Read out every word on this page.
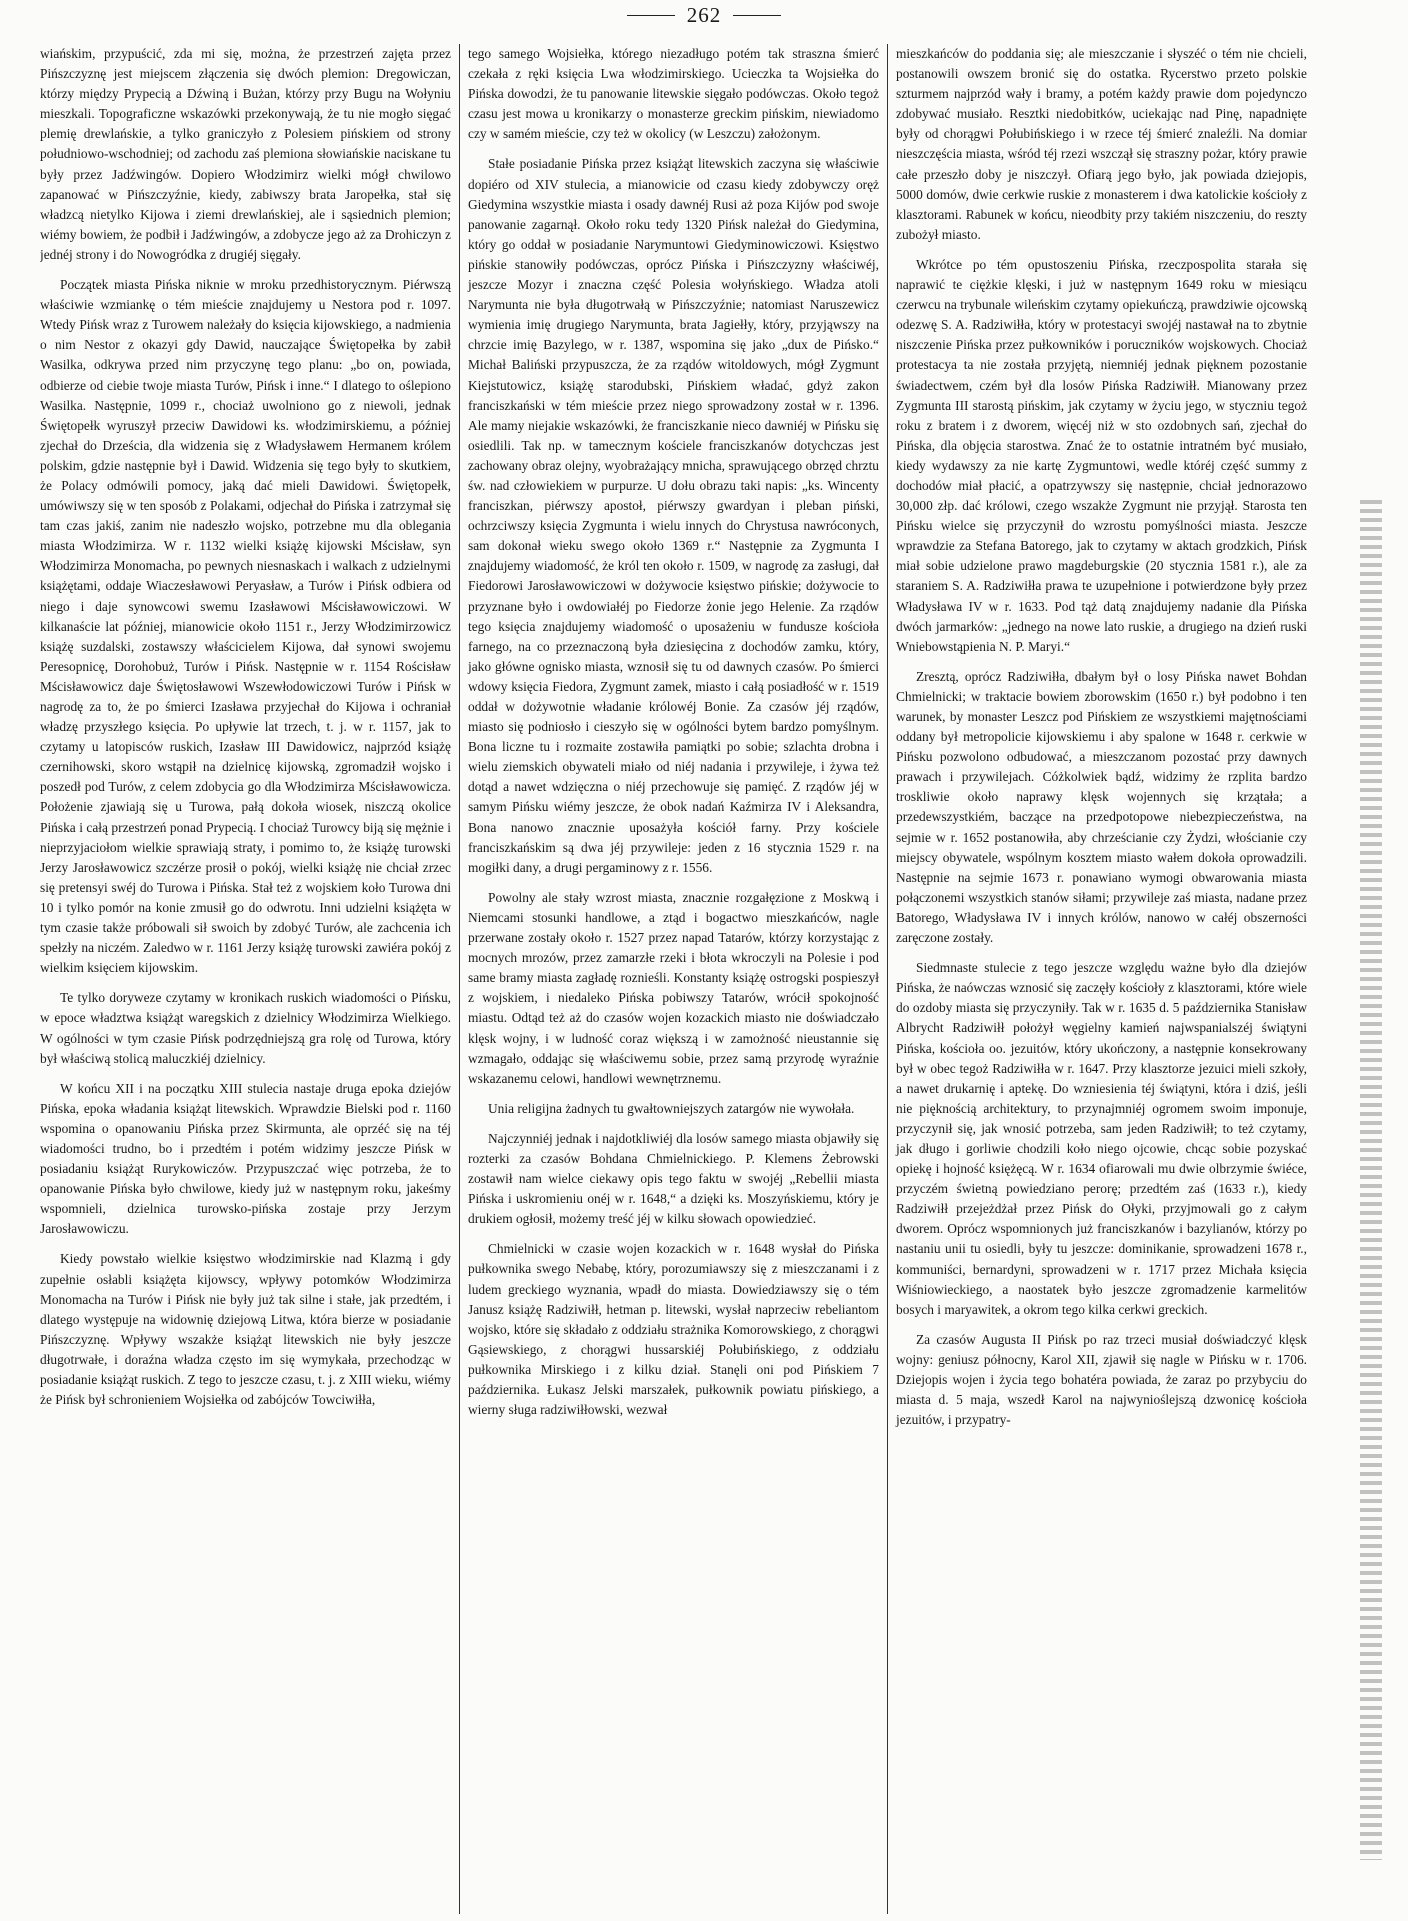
262

wiańskim, przypuścić, zda mi się, można, że przestrzeń zajęta przez Pińszczyznę jest miejscem złączenia się dwóch plemion: Dregowiczan, którzy między Prypecią a Dźwiną i Bużan, którzy przy Bugu na Wołyniu mieszkali. Topograficzne wskazówki przekonywają, że tu nie mogło sięgać plemię drewlańskie, a tylko graniczyło z Polesiem pińskiem od strony południowo-wschodniej; od zachodu zaś plemiona słowiańskie naciskane tu były przez Jadźwingów. Dopiero Włodzimirz wielki mógł chwilowo zapanować w Pińszczyźnie, kiedy, zabiwszy brata Jaropełka, stał się władzcą nietylko Kijowa i ziemi drewlańskiej, ale i sąsiednich plemion; wiémy bowiem, że podbił i Jadźwingów, a zdobycze jego aż za Drohiczyn z jednéj strony i do Nowogródka z drugiéj sięgały.

Początek miasta Pińska niknie w mroku przedhistorycznym. Piérwszą właściwie wzmiankę o tém mieście znajdujemy u Nestora pod r. 1097. Wtedy Pińsk wraz z Turowem należały do księcia kijowskiego, a nadmienia o nim Nestor z okazyi gdy Dawid, nauczające Świętopełka by zabił Wasilka, odkrywa przed nim przyczynę tego planu: „bo on, powiada, odbierze od ciebie twoje miasta Turów, Pińsk i inne.“ I dlatego to oślepiono Wasilka. Następnie, 1099 r., chociaż uwolniono go z niewoli, jednak Świętopełk wyruszył przeciw Dawidowi ks. włodzimirskiemu, a później zjechał do Drześcia, dla widzenia się z Władysławem Hermanem królem polskim, gdzie następnie był i Dawid. Widzenia się tego były to skutkiem, że Polacy odmówili pomocy, jaką dać mieli Dawidowi. Świętopełk, umówiwszy się w ten sposób z Polakami, odjechał do Pińska i zatrzymał się tam czas jakiś, zanim nie nadeszło wojsko, potrzebne mu dla oblegania miasta Włodzimirza. W r. 1132 wielki książę kijowski Mścisław, syn Włodzimirza Monomacha, po pewnych niesnaskach i walkach z udzielnymi książętami, oddaje Wiaczesławowi Peryasław, a Turów i Pińsk odbiera od niego i daje synowcowi swemu Izasławowi Mścisławowiczowi. W kilkanaście lat później, mianowicie około 1151 r., Jerzy Włodzimirzowicz książę suzdalski, zostawszy właścicielem Kijowa, dał synowi swojemu Peresopnicę, Dorohobuż, Turów i Pińsk. Następnie w r. 1154 Rościsław Mścisławowicz daje Świętosławowi Wszewłodowiczowi Turów i Pińsk w nagrodę za to, że po śmierci Izasława przyjechał do Kijowa i ochraniał władzę przyszłego księcia. Po upływie lat trzech, t. j. w r. 1157, jak to czytamy u latopisców ruskich, Izasław III Dawidowicz, najprzód książę czernihowski, skoro wstąpił na dzielnicę kijowską, zgromadził wojsko i poszedł pod Turów, z celem zdobycia go dla Włodzimirza Mścisławowicza. Położenie zjawiają się u Turowa, pałą dokoła wiosek, niszczą okolice Pińska i całą przestrzeń ponad Prypecią. I chociaż Turowcy biją się mężnie i nieprzyjaciołom wielkie sprawiają straty, i pomimo to, że książę turowski Jerzy Jarosławowicz szczérze prosił o pokój, wielki książę nie chciał zrzec się pretensyi swéj do Turowa i Pińska. Stał też z wojskiem koło Turowa dni 10 i tylko pomór na konie zmusił go do odwrotu. Inni udzielni książęta w tym czasie także próbowali sił swoich by zdobyć Turów, ale zachcenia ich spełzły na niczém. Zaledwo w r. 1161 Jerzy książę turowski zawiéra pokój z wielkim księciem kijowskim.

Te tylko doryweze czytamy w kronikach ruskich wiadomości o Pińsku, w epoce władztwa książąt waregskich z dzielnicy Włodzimirza Wielkiego. W ogólności w tym czasie Pińsk podrzędniejszą gra rolę od Turowa, który był właściwą stolicą maluczkiéj dzielnicy.

W końcu XII i na początku XIII stulecia nastaje druga epoka dziejów Pińska, epoka władania książąt litewskich. Wprawdzie Bielski pod r. 1160 wspomina o opanowaniu Pińska przez Skirmunta, ale oprzéć się na téj wiadomości trudno, bo i przedtém i potém widzimy jeszcze Pińsk w posiadaniu książąt Rurykowiczów. Przypuszczać więc potrzeba, że to opanowanie Pińska było chwilowe, kiedy już w następnym roku, jakeśmy wspomnieli, dzielnica turowsko-pińska zostaje przy Jerzym Jarosławowiczu.

Kiedy powstało wielkie księstwo włodzimirskie nad Klazmą i gdy zupełnie osłabli książęta kijowscy, wpływy potomków Włodzimirza Monomacha na Turów i Pińsk nie były już tak silne i stałe, jak przedtém, i dlatego występuje na widownię dziejową Litwa, która bierze w posiadanie Pińszczyznę. Wpływy wszakże książąt litewskich nie były jeszcze długotrwałe, i doraźna władza często im się wymykała, przechodząc w posiadanie książąt ruskich. Z tego to jeszcze czasu, t. j. z XIII wieku, wiémy że Pińsk był schronieniem Wojsiełka od zabójców Towciwiłła,

tego samego Wojsiełka, którego niezadługo potém tak straszna śmierć czekała z ręki księcia Lwa włodzimirskiego. Ucieczka ta Wojsiełka do Pińska dowodzi, że tu panowanie litewskie sięgało podówczas. Około tegoż czasu jest mowa u kronikarzy o monasterze greckim pińskim, niewiadomo czy w samém mieście, czy też w okolicy (w Leszczu) założonym.

Stałe posiadanie Pińska przez książąt litewskich zaczyna się właściwie dopiéro od XIV stulecia, a mianowicie od czasu kiedy zdobywczy oręż Giedymina wszystkie miasta i osady dawnéj Rusi aż poza Kijów pod swoje panowanie zagarnął. Około roku tedy 1320 Pińsk należał do Giedymina, który go oddał w posiadanie Narymuntowi Giedyminowiczowi. Księstwo pińskie stanowiły podówczas, oprócz Pińska i Pińszczyzny właściwéj, jeszcze Mozyr i znaczna część Polesia wołyńskiego. Władza atoli Narymunta nie była długotrwałą w Pińszczyźnie; natomiast Naruszewicz wymienia imię drugiego Narymunta, brata Jagiełły, który, przyjąwszy na chrzcie imię Bazylego, w r. 1387, wspomina się jako „dux de Pińsko.“ Michał Baliński przypuszcza, że za rządów witoldowych, mógł Zygmunt Kiejstutowicz, książę starodubski, Pińskiem władać, gdyż zakon franciszkański w tém mieście przez niego sprowadzony został w r. 1396. Ale mamy niejakie wskazówki, że franciszkanie nieco dawniéj w Pińsku się osiedlili. Tak np. w tamecznym kościele franciszkanów dotychczas jest zachowany obraz olejny, wyobrażający mnicha, sprawującego obrzęd chrztu św. nad człowiekiem w purpurze. U dołu obrazu taki napis: „ks. Wincenty franciszkan, piérwszy apostoł, piérwszy gwardyan i pleban piński, ochrzciwszy księcia Zygmunta i wielu innych do Chrystusa nawróconych, sam dokonał wieku swego około 1369 r.“ Następnie za Zygmunta I znajdujemy wiadomość, że król ten około r. 1509, w nagrodę za zasługi, dał Fiedorowi Jarosławowiczowi w dożywocie księstwo pińskie; dożywocie to przyznane było i owdowiałéj po Fiedorze żonie jego Helenie. Za rządów tego księcia znajdujemy wiadomość o uposażeniu w fundusze kościoła farnego, na co przeznaczoną była dziesięcina z dochodów zamku, który, jako główne ognisko miasta, wznosił się tu od dawnych czasów. Po śmierci wdowy księcia Fiedora, Zygmunt zamek, miasto i całą posiadłość w r. 1519 oddał w dożywotnie władanie królowéj Bonie. Za czasów jéj rządów, miasto się podniosło i cieszyło się w ogólności bytem bardzo pomyślnym. Bona liczne tu i rozmaite zostawiła pamiątki po sobie; szlachta drobna i wielu ziemskich obywateli miało od niéj nadania i przywileje, i żywa też dotąd a nawet wdzięczna o niéj przechowuje się pamięć. Z rządów jéj w samym Pińsku wiémy jeszcze, że obok nadań Kaźmirza IV i Aleksandra, Bona nanowo znacznie uposażyła kościół farny. Przy kościele franciszkańskim są dwa jéj przywileje: jeden z 16 stycznia 1529 r. na mogiłki dany, a drugi pergaminowy z r. 1556.

Powolny ale stały wzrost miasta, znacznie rozgałęzione z Moskwą i Niemcami stosunki handlowe, a ztąd i bogactwo mieszkańców, nagle przerwane zostały około r. 1527 przez napad Tatarów, którzy korzystając z mocnych mrozów, przez zamarzłe rzeki i błota wkroczyli na Polesie i pod same bramy miasta zagładę roznieśli. Konstanty książę ostrogski pospieszył z wojskiem, i niedaleko Pińska pobiwszy Tatarów, wrócił spokojność miastu. Odtąd też aż do czasów wojen kozackich miasto nie doświadczało klęsk wojny, i w ludność coraz większą i w zamożność nieustannie się wzmagało, oddając się właściwemu sobie, przez samą przyrodę wyraźnie wskazanemu celowi, handlowi wewnętrznemu.

Unia religijna żadnych tu gwałtowniejszych zatargów nie wywołała.

Najczynniéj jednak i najdotkliwiéj dla losów samego miasta objawiły się rozterki za czasów Bohdana Chmielnickiego. P. Klemens Żebrowski zostawił nam wielce ciekawy opis tego faktu w swojéj „Rebellii miasta Pińska i uskromieniu onéj w r. 1648,“ a dzięki ks. Moszyńskiemu, który je drukiem ogłosił, możemy treść jéj w kilku słowach opowiedzieć.

Chmielnicki w czasie wojen kozackich w r. 1648 wysłał do Pińska pułkownika swego Nebabę, który, porozumiawszy się z mieszczanami i z ludem greckiego wyznania, wpadł do miasta. Dowiedziawszy się o tém Janusz książę Radziwiłł, hetman p. litewski, wysłał naprzeciw rebeliantom wojsko, które się składało z oddziału strażnika Komorowskiego, z chorągwi Gąsiewskiego, z chorągwi hussarskiéj Połubińskiego, z oddziału pułkownika Mirskiego i z kilku dział. Stanęli oni pod Pińskiem 7 października. Łukasz Jelski marszałek, pułkownik powiatu pińskiego, a wierny sługa radziwiłłowski, wezwał

mieszkańców do poddania się; ale mieszczanie i słyszéć o tém nie chcieli, postanowili owszem bronić się do ostatka. Rycerstwo przeto polskie szturmem najprzód wały i bramy, a potém każdy prawie dom pojedynczo zdobywać musiało. Resztki niedobitków, uciekając nad Pinę, napadnięte były od chorągwi Połubińskiego i w rzece téj śmierć znaleźli. Na domiar nieszczęścia miasta, wśród téj rzezi wszczął się straszny pożar, który prawie całe przeszło doby je niszczył. Ofiarą jego było, jak powiada dziejopis, 5000 domów, dwie cerkwie ruskie z monasterem i dwa katolickie kościoły z klasztorami. Rabunek w końcu, nieodbity przy takiém niszczeniu, do reszty zubożył miasto.

Wkrótce po tém opustoszeniu Pińska, rzeczpospolita starała się naprawić te ciężkie klęski, i już w następnym 1649 roku w miesiącu czerwcu na trybunale wileńskim czytamy opiekuńczą, prawdziwie ojcowską odezwę S. A. Radziwiłła, który w protestacyi swojéj nastawał na to zbytnie niszczenie Pińska przez pułkowników i poruczników wojskowych. Chociaż protestacya ta nie została przyjętą, niemniéj jednak pięknem pozostanie świadectwem, czém był dla losów Pińska Radziwiłł. Mianowany przez Zygmunta III starostą pińskim, jak czytamy w życiu jego, w styczniu tegoż roku z bratem i z dworem, więcéj niż w sto ozdobnych sań, zjechał do Pińska, dla objęcia starostwa. Znać że to ostatnie intratném być musiało, kiedy wydawszy za nie kartę Zygmuntowi, wedle któréj część summy z dochodów miał płacić, a opatrzywszy się następnie, chciał jednorazowo 30,000 złp. dać królowi, czego wszakże Zygmunt nie przyjął. Starosta ten Pińsku wielce się przyczynił do wzrostu pomyślności miasta. Jeszcze wprawdzie za Stefana Batorego, jak to czytamy w aktach grodzkich, Pińsk miał sobie udzielone prawo magdeburgskie (20 stycznia 1581 r.), ale za staraniem S. A. Radziwiłła prawa te uzupełnione i potwierdzone były przez Władysława IV w r. 1633. Pod tąż datą znajdujemy nadanie dla Pińska dwóch jarmarków: „jednego na nowe lato ruskie, a drugiego na dzień ruski Wniebowstąpienia N. P. Maryi.“

Zresztą, oprócz Radziwiłła, dbałym był o losy Pińska nawet Bohdan Chmielnicki; w traktacie bowiem zborowskim (1650 r.) był podobno i ten warunek, by monaster Leszcz pod Pińskiem ze wszystkiemi majętnościami oddany był metropolicie kijowskiemu i aby spalone w 1648 r. cerkwie w Pińsku pozwolono odbudować, a mieszczanom pozostać przy dawnych prawach i przywilejach. Cóżkolwiek bądź, widzimy że rzplita bardzo troskliwie około naprawy klęsk wojennych się krzątała; a przedewszystkiém, baczące na przedpotopowe niebezpieczeństwa, na sejmie w r. 1652 postanowiła, aby chrześcianie czy Żydzi, włościanie czy miejscy obywatele, wspólnym kosztem miasto wałem dokoła oprowadzili. Następnie na sejmie 1673 r. ponawiano wymogi obwarowania miasta połączonemi wszystkich stanów siłami; przywileje zaś miasta, nadane przez Batorego, Władysława IV i innych królów, nanowo w całéj obszerności zaręczone zostały.

Siedmnaste stulecie z tego jeszcze względu ważne było dla dziejów Pińska, że naówczas wznosić się zaczęły kościoły z klasztorami, które wiele do ozdoby miasta się przyczyniły. Tak w r. 1635 d. 5 października Stanisław Albrycht Radziwiłł położył węgielny kamień najwspanialszéj świątyni Pińska, kościoła oo. jezuitów, który ukończony, a następnie konsekrowany był w obec tegoż Radziwiłła w r. 1647. Przy klasztorze jezuici mieli szkoły, a nawet drukarnię i aptekę. Do wzniesienia téj świątyni, która i dziś, jeśli nie pięknością architektury, to przynajmniéj ogromem swoim imponuje, przyczynił się, jak wnosić potrzeba, sam jeden Radziwiłł; to też czytamy, jak długo i gorliwie chodzili koło niego ojcowie, chcąc sobie pozyskać opiekę i hojność księżęcą. W r. 1634 ofiarowali mu dwie olbrzymie świéce, przyczém świetną powiedziano perorę; przedtém zaś (1633 r.), kiedy Radziwiłł przejeżdżał przez Pińsk do Ołyki, przyjmowali go z całym dworem. Oprócz wspomnionych już franciszkanów i bazylianów, którzy po nastaniu unii tu osiedli, były tu jeszcze: dominikanie, sprowadzeni 1678 r., kommuniści, bernardyni, sprowadzeni w r. 1717 przez Michała księcia Wiśniowieckiego, a naostatek było jeszcze zgromadzenie karmelitów bosych i maryawitek, a okrom tego kilka cerkwi greckich.

Za czasów Augusta II Pińsk po raz trzeci musiał doświadczyć klęsk wojny: geniusz północny, Karol XII, zjawił się nagle w Pińsku w r. 1706. Dziejopis wojen i życia tego bohatéra powiada, że zaraz po przybyciu do miasta d. 5 maja, wszedł Karol na najwynioślejszą dzwonicę kościoła jezuitów, i przypatry-
